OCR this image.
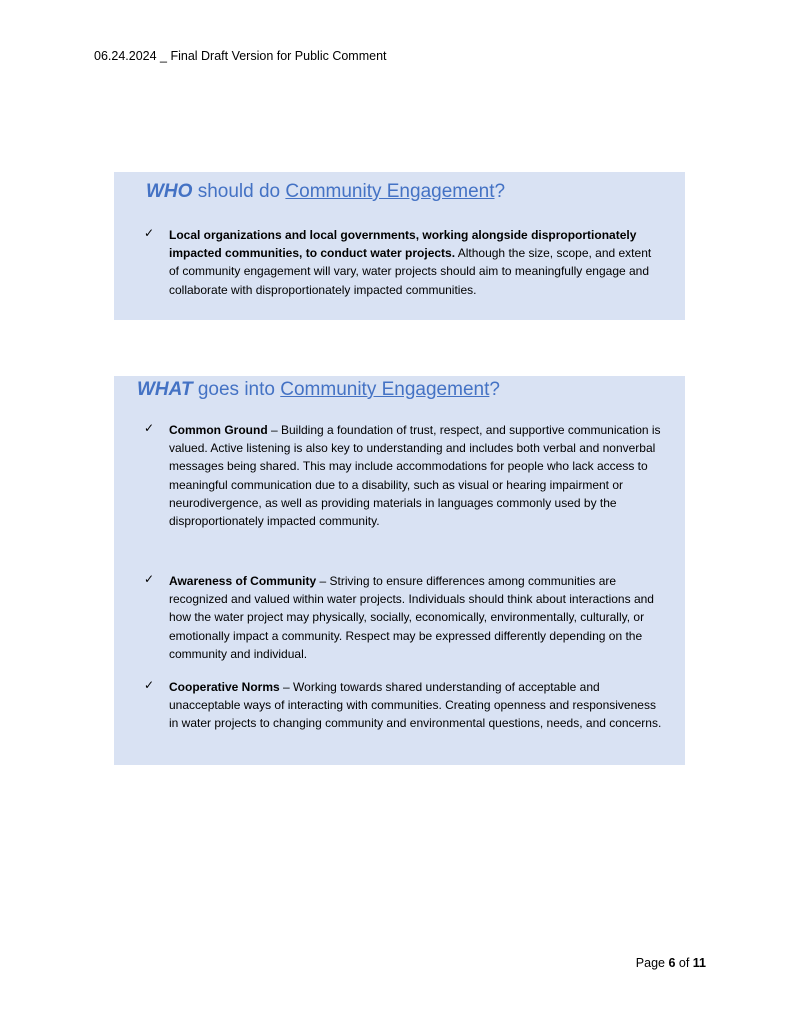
06.24.2024 _ Final Draft Version for Public Comment
WHO should do Community Engagement?
✓ Local organizations and local governments, working alongside disproportionately impacted communities, to conduct water projects. Although the size, scope, and extent of community engagement will vary, water projects should aim to meaningfully engage and collaborate with disproportionately impacted communities.
WHAT goes into Community Engagement?
✓ Common Ground – Building a foundation of trust, respect, and supportive communication is valued. Active listening is also key to understanding and includes both verbal and nonverbal messages being shared. This may include accommodations for people who lack access to meaningful communication due to a disability, such as visual or hearing impairment or neurodivergence, as well as providing materials in languages commonly used by the disproportionately impacted community.
✓ Awareness of Community – Striving to ensure differences among communities are recognized and valued within water projects. Individuals should think about interactions and how the water project may physically, socially, economically, environmentally, culturally, or emotionally impact a community. Respect may be expressed differently depending on the community and individual.
✓ Cooperative Norms – Working towards shared understanding of acceptable and unacceptable ways of interacting with communities. Creating openness and responsiveness in water projects to changing community and environmental questions, needs, and concerns.
Page 6 of 11
